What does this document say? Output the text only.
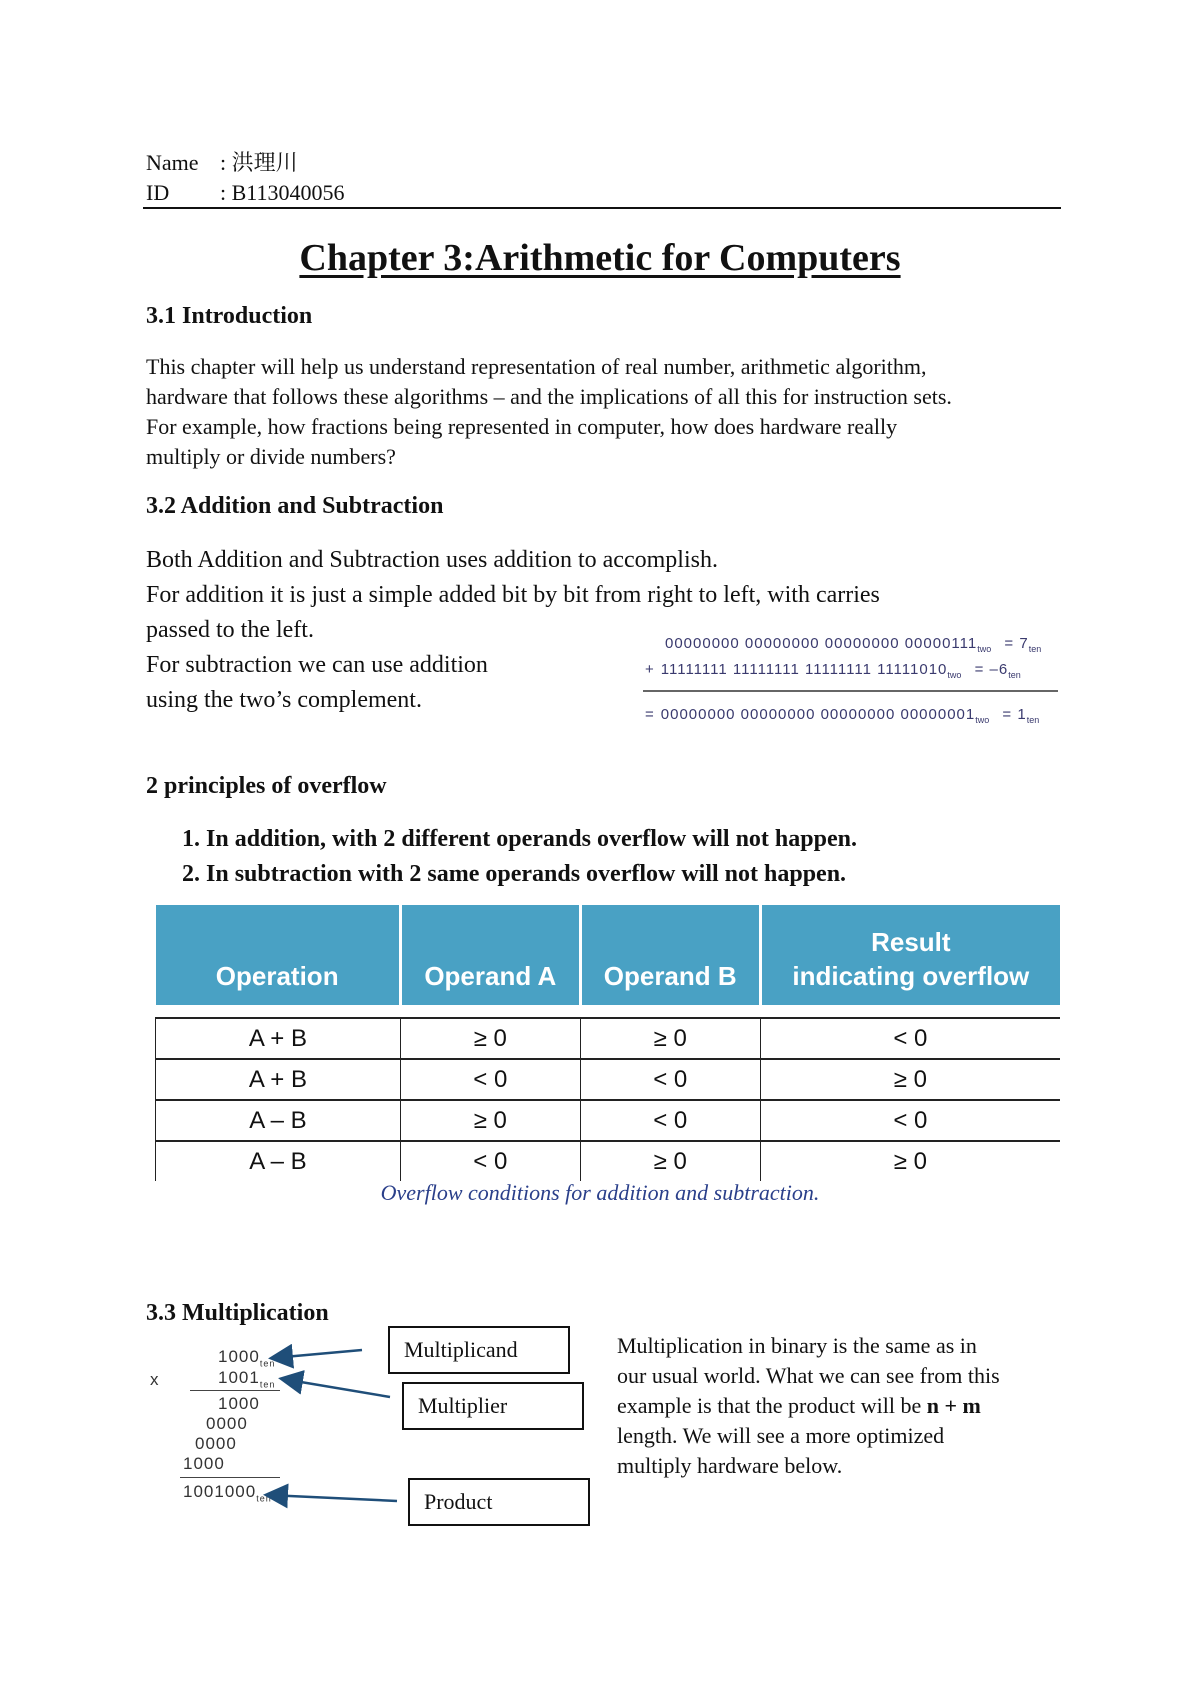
Name : 洪理川
ID : B113040056
Chapter 3:Arithmetic for Computers
3.1 Introduction
This chapter will help us understand representation of real number, arithmetic algorithm,
hardware that follows these algorithms – and the implications of all this for instruction sets.
For example, how fractions being represented in computer, how does hardware really
multiply or divide numbers?
3.2 Addition and Subtraction
Both Addition and Subtraction uses addition to accomplish.
For addition it is just a simple added bit by bit from right to left, with carries
passed to the left.
For subtraction we can use addition
using the two’s complement.
00000000 00000000 00000000 $00000111_{two} = 7_{ten}$
+ 11111111 11111111 11111111 $11111010_{two} = -6_{ten}$
= 00000000 00000000 00000000 $00000001_{two} = 1_{ten}$
2 principles of overflow
1. In addition, with 2 different operands overflow will not happen.
2. In subtraction with 2 same operands overflow will not happen.
Operation	Operand A	Operand B	Result
indicating overflow

A + B	≥ 0	≥ 0	< 0
A + B	< 0	< 0	≥ 0
A – B	≥ 0	< 0	< 0
A – B	< 0	≥ 0	≥ 0
Overflow conditions for addition and subtraction.
3.3 Multiplication
x
$1000_{ten}$
$1001_{ten}$
1000
0000
0000
1000
$1001000_{ten}$
Multiplicand
Multiplier
Product
Multiplication in binary is the same as in
our usual world. What we can see from this
example is that the product will be n + m
length. We will see a more optimized
multiply hardware below.
